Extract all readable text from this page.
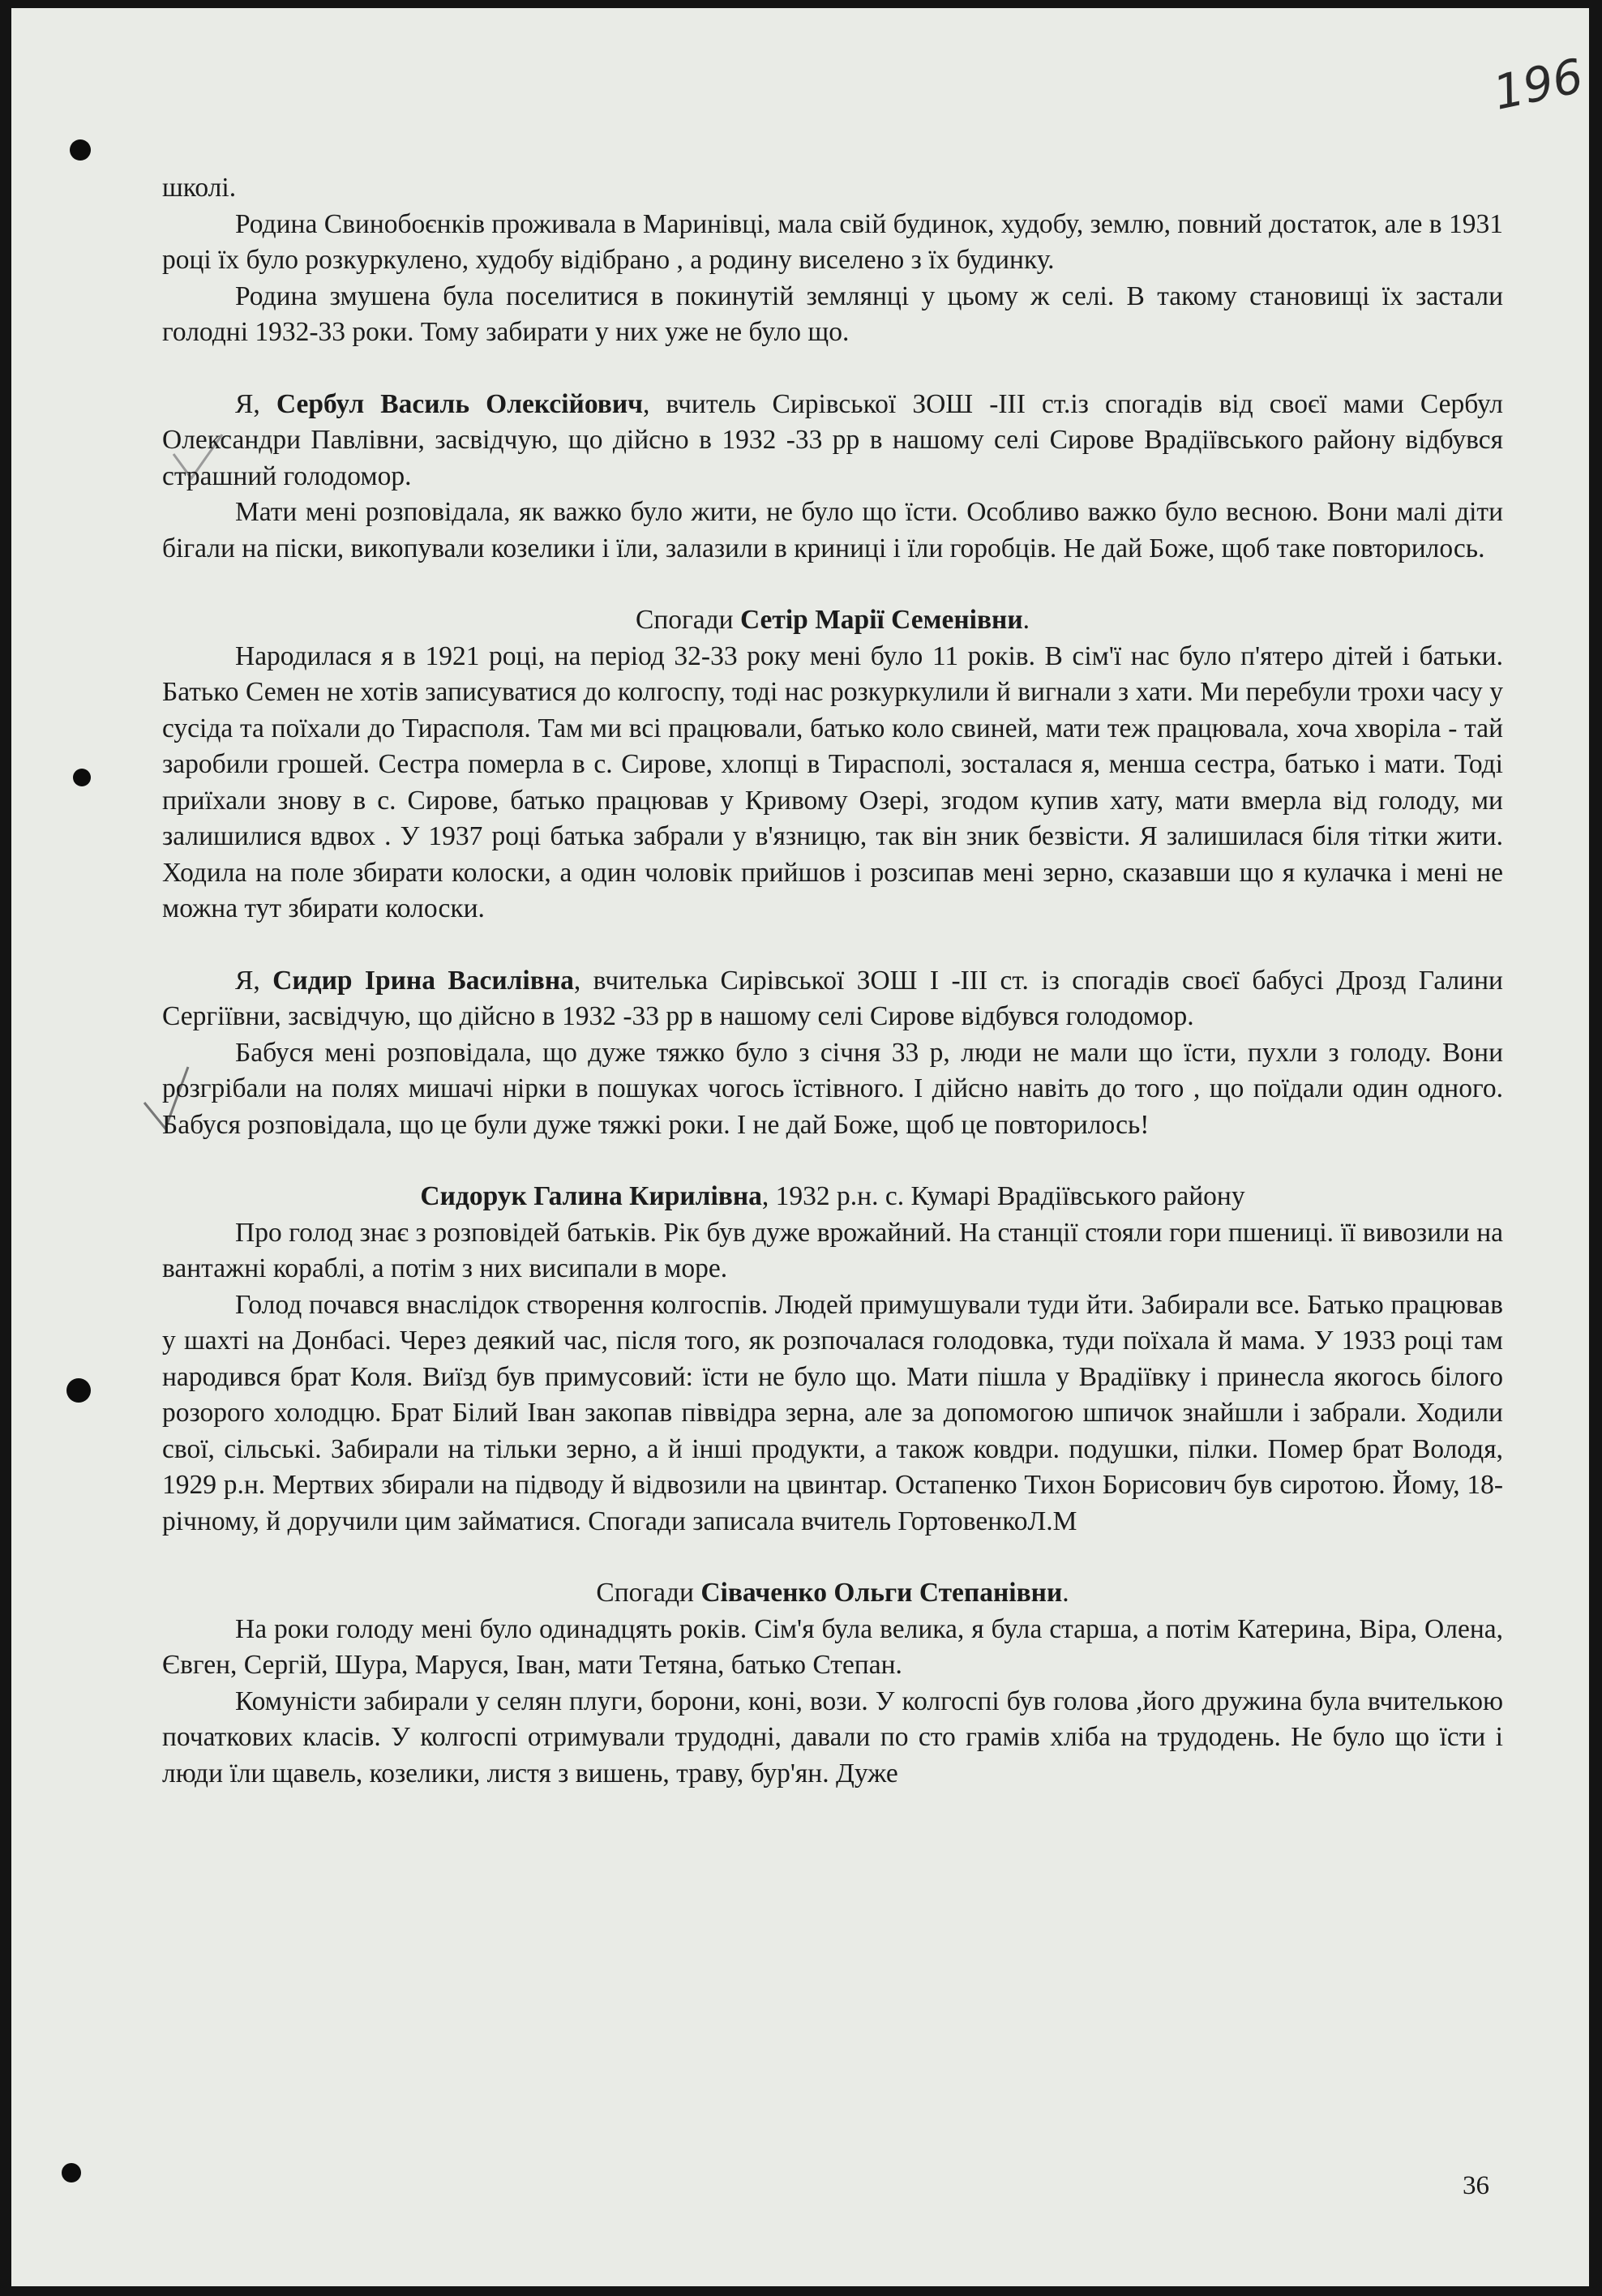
196

школі.

Родина Свинобоєнків проживала в Маринівці, мала свій будинок, худобу, землю, повний достаток, але в 1931 році їх було розкуркулено, худобу відібрано , а родину виселено з їх будинку.

Родина змушена була поселитися в покинутій землянці у цьому ж селі. В такому становищі їх застали голодні 1932-33 роки. Тому забирати у них уже не було що.

Я, Сербул Василь Олексійович, вчитель Сирівської ЗОШ -ІІІ ст.із спогадів від своєї мами Сербул Олександри Павлівни, засвідчую, що дійсно в 1932 -33 рр в нашому селі Сирове Врадіївського району відбувся страшний голодомор.

Мати мені розповідала, як важко було жити, не було що їсти. Особливо важко було весною. Вони малі діти бігали на піски, викопували козелики і їли, залазили в криниці і їли горобців. Не дай Боже, щоб таке повторилось.

Спогади Сетір Марії Семенівни.

Народилася я в 1921 році, на період 32-33 року мені було 11 років. В сім'ї нас було п'ятеро дітей і батьки. Батько Семен не хотів записуватися до колгоспу, тоді нас розкуркулили й вигнали з хати. Ми перебули трохи часу у сусіда та поїхали до Тирасполя. Там ми всі працювали, батько коло свиней, мати теж працювала, хоча хворіла - тай заробили грошей. Сестра померла в с. Сирове, хлопці в Тирасполі, зосталася я, менша сестра, батько і мати. Тоді приїхали знову в с. Сирове, батько працював у Кривому Озері, згодом купив хату, мати вмерла від голоду, ми залишилися вдвох . У 1937 році батька забрали у в'язницю, так він зник безвісти. Я залишилася біля тітки жити. Ходила на поле збирати колоски, а один чоловік прийшов і розсипав мені зерно, сказавши що я кулачка і мені не можна тут збирати колоски.

Я, Сидир Ірина Василівна, вчителька Сирівської ЗОШ І -ІІІ ст. із спогадів своєї бабусі Дрозд Галини Сергіївни, засвідчую, що дійсно в 1932 -33 рр в нашому селі Сирове відбувся голодомор.

Бабуся мені розповідала, що дуже тяжко було з січня 33 р, люди не мали що їсти, пухли з голоду. Вони розгрібали на полях мишачі нірки в пошуках чогось їстівного. І дійсно навіть до того , що поїдали один одного. Бабуся розповідала, що це були дуже тяжкі роки. І не дай Боже, щоб це повторилось!

Сидорук Галина Кирилівна, 1932 р.н. с. Кумарі Врадіївського району

Про голод знає з розповідей батьків. Рік був дуже врожайний. На станції стояли гори пшениці. її вивозили на вантажні кораблі, а потім з них висипали в море.

Голод почався внаслідок створення колгоспів. Людей примушували туди йти. Забирали все. Батько працював у шахті на Донбасі. Через деякий час, після того, як розпочалася голодовка, туди поїхала й мама. У 1933 році там народився брат Коля. Виїзд був примусовий: їсти не було що. Мати пішла у Врадіївку і принесла якогось білого розорого холодцю. Брат Білий Іван закопав піввідра зерна, але за допомогою шпичок знайшли і забрали. Ходили свої, сільські. Забирали на тільки зерно, а й інші продукти, а також ковдри. подушки, пілки. Помер брат Володя, 1929 р.н. Мертвих збирали на підводу й відвозили на цвинтар. Остапенко Тихон Борисович був сиротою. Йому, 18-річному, й доручили цим займатися. Спогади записала вчитель ГортовенкоЛ.М

Спогади Сіваченко Ольги Степанівни.

На роки голоду мені було одинадцять років. Сім'я була велика, я була старша, а потім Катерина, Віра, Олена, Євген, Сергій, Шура, Маруся, Іван, мати Тетяна, батько Степан.

Комуністи забирали у селян плуги, борони, коні, вози. У колгоспі був голова ,його дружина була вчителькою початкових класів. У колгоспі отримували трудодні, давали по сто грамів хліба на трудодень. Не було що їсти і люди їли щавель, козелики, листя з вишень, траву, бур'ян. Дуже

36
